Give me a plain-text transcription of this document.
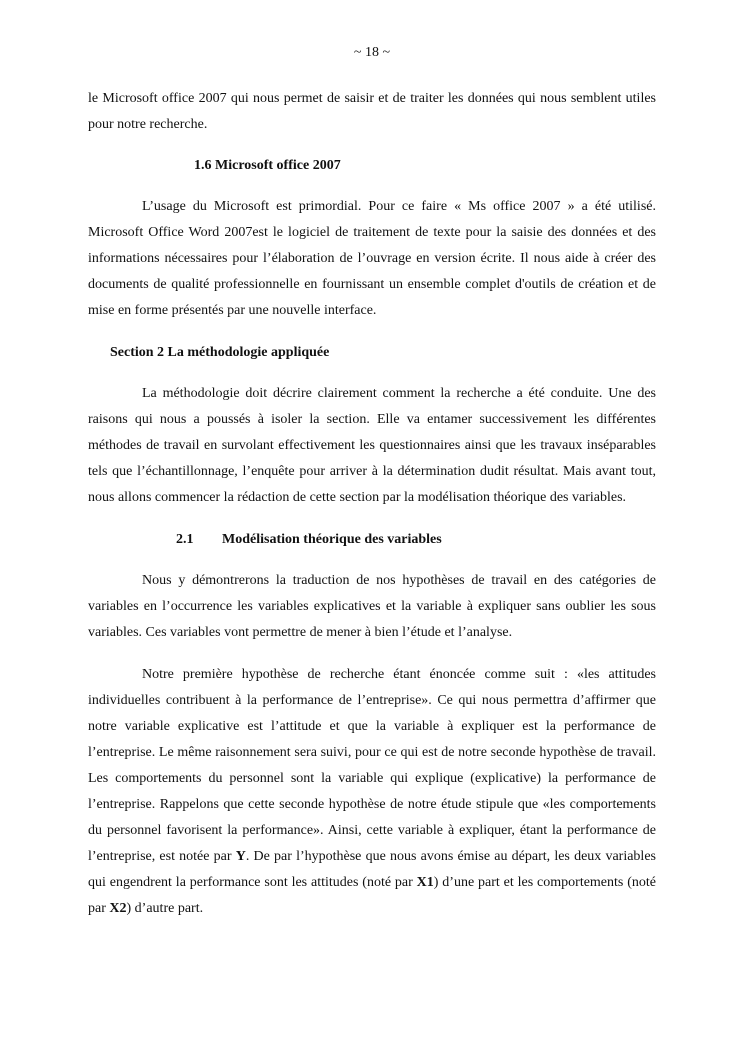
~ 18 ~

le Microsoft office 2007 qui nous permet de saisir et de traiter les données qui nous semblent utiles pour notre recherche.

1.6 Microsoft office 2007

L’usage du Microsoft est primordial. Pour ce faire « Ms office 2007 » a été utilisé. Microsoft Office Word 2007est le logiciel de traitement de texte pour la saisie des données et des informations nécessaires pour l’élaboration de l’ouvrage en version écrite. Il nous aide à créer des documents de qualité professionnelle en fournissant un ensemble complet d'outils de création et de mise en forme présentés par une nouvelle interface.

Section 2 La méthodologie appliquée

La méthodologie doit décrire clairement comment la recherche a été conduite. Une des raisons qui nous a poussés à isoler la section. Elle va entamer successivement les différentes méthodes de travail en survolant effectivement les questionnaires ainsi que les travaux inséparables tels que l’échantillonnage, l’enquête pour arriver à la détermination dudit résultat. Mais avant tout, nous allons commencer la rédaction de cette section par la modélisation théorique des variables.

2.1 Modélisation théorique des variables

Nous y démontrerons la traduction de nos hypothèses de travail en des catégories de variables en l’occurrence les variables explicatives et la variable à expliquer sans oublier les sous variables. Ces variables vont permettre de mener à bien l’étude et l’analyse.

Notre première hypothèse de recherche étant énoncée comme suit : «les attitudes individuelles contribuent à la performance de l’entreprise». Ce qui nous permettra d’affirmer que notre variable explicative est l’attitude et que la variable à expliquer est la performance de l’entreprise. Le même raisonnement sera suivi, pour ce qui est de notre seconde hypothèse de travail. Les comportements du personnel sont la variable qui explique (explicative) la performance de l’entreprise. Rappelons que cette seconde hypothèse de notre étude stipule que «les comportements du personnel favorisent la performance». Ainsi, cette variable à expliquer, étant la performance de l’entreprise, est notée par Y. De par l’hypothèse que nous avons émise au départ, les deux variables qui engendrent la performance sont les attitudes (noté par X1) d’une part et les comportements (noté par X2) d’autre part.
